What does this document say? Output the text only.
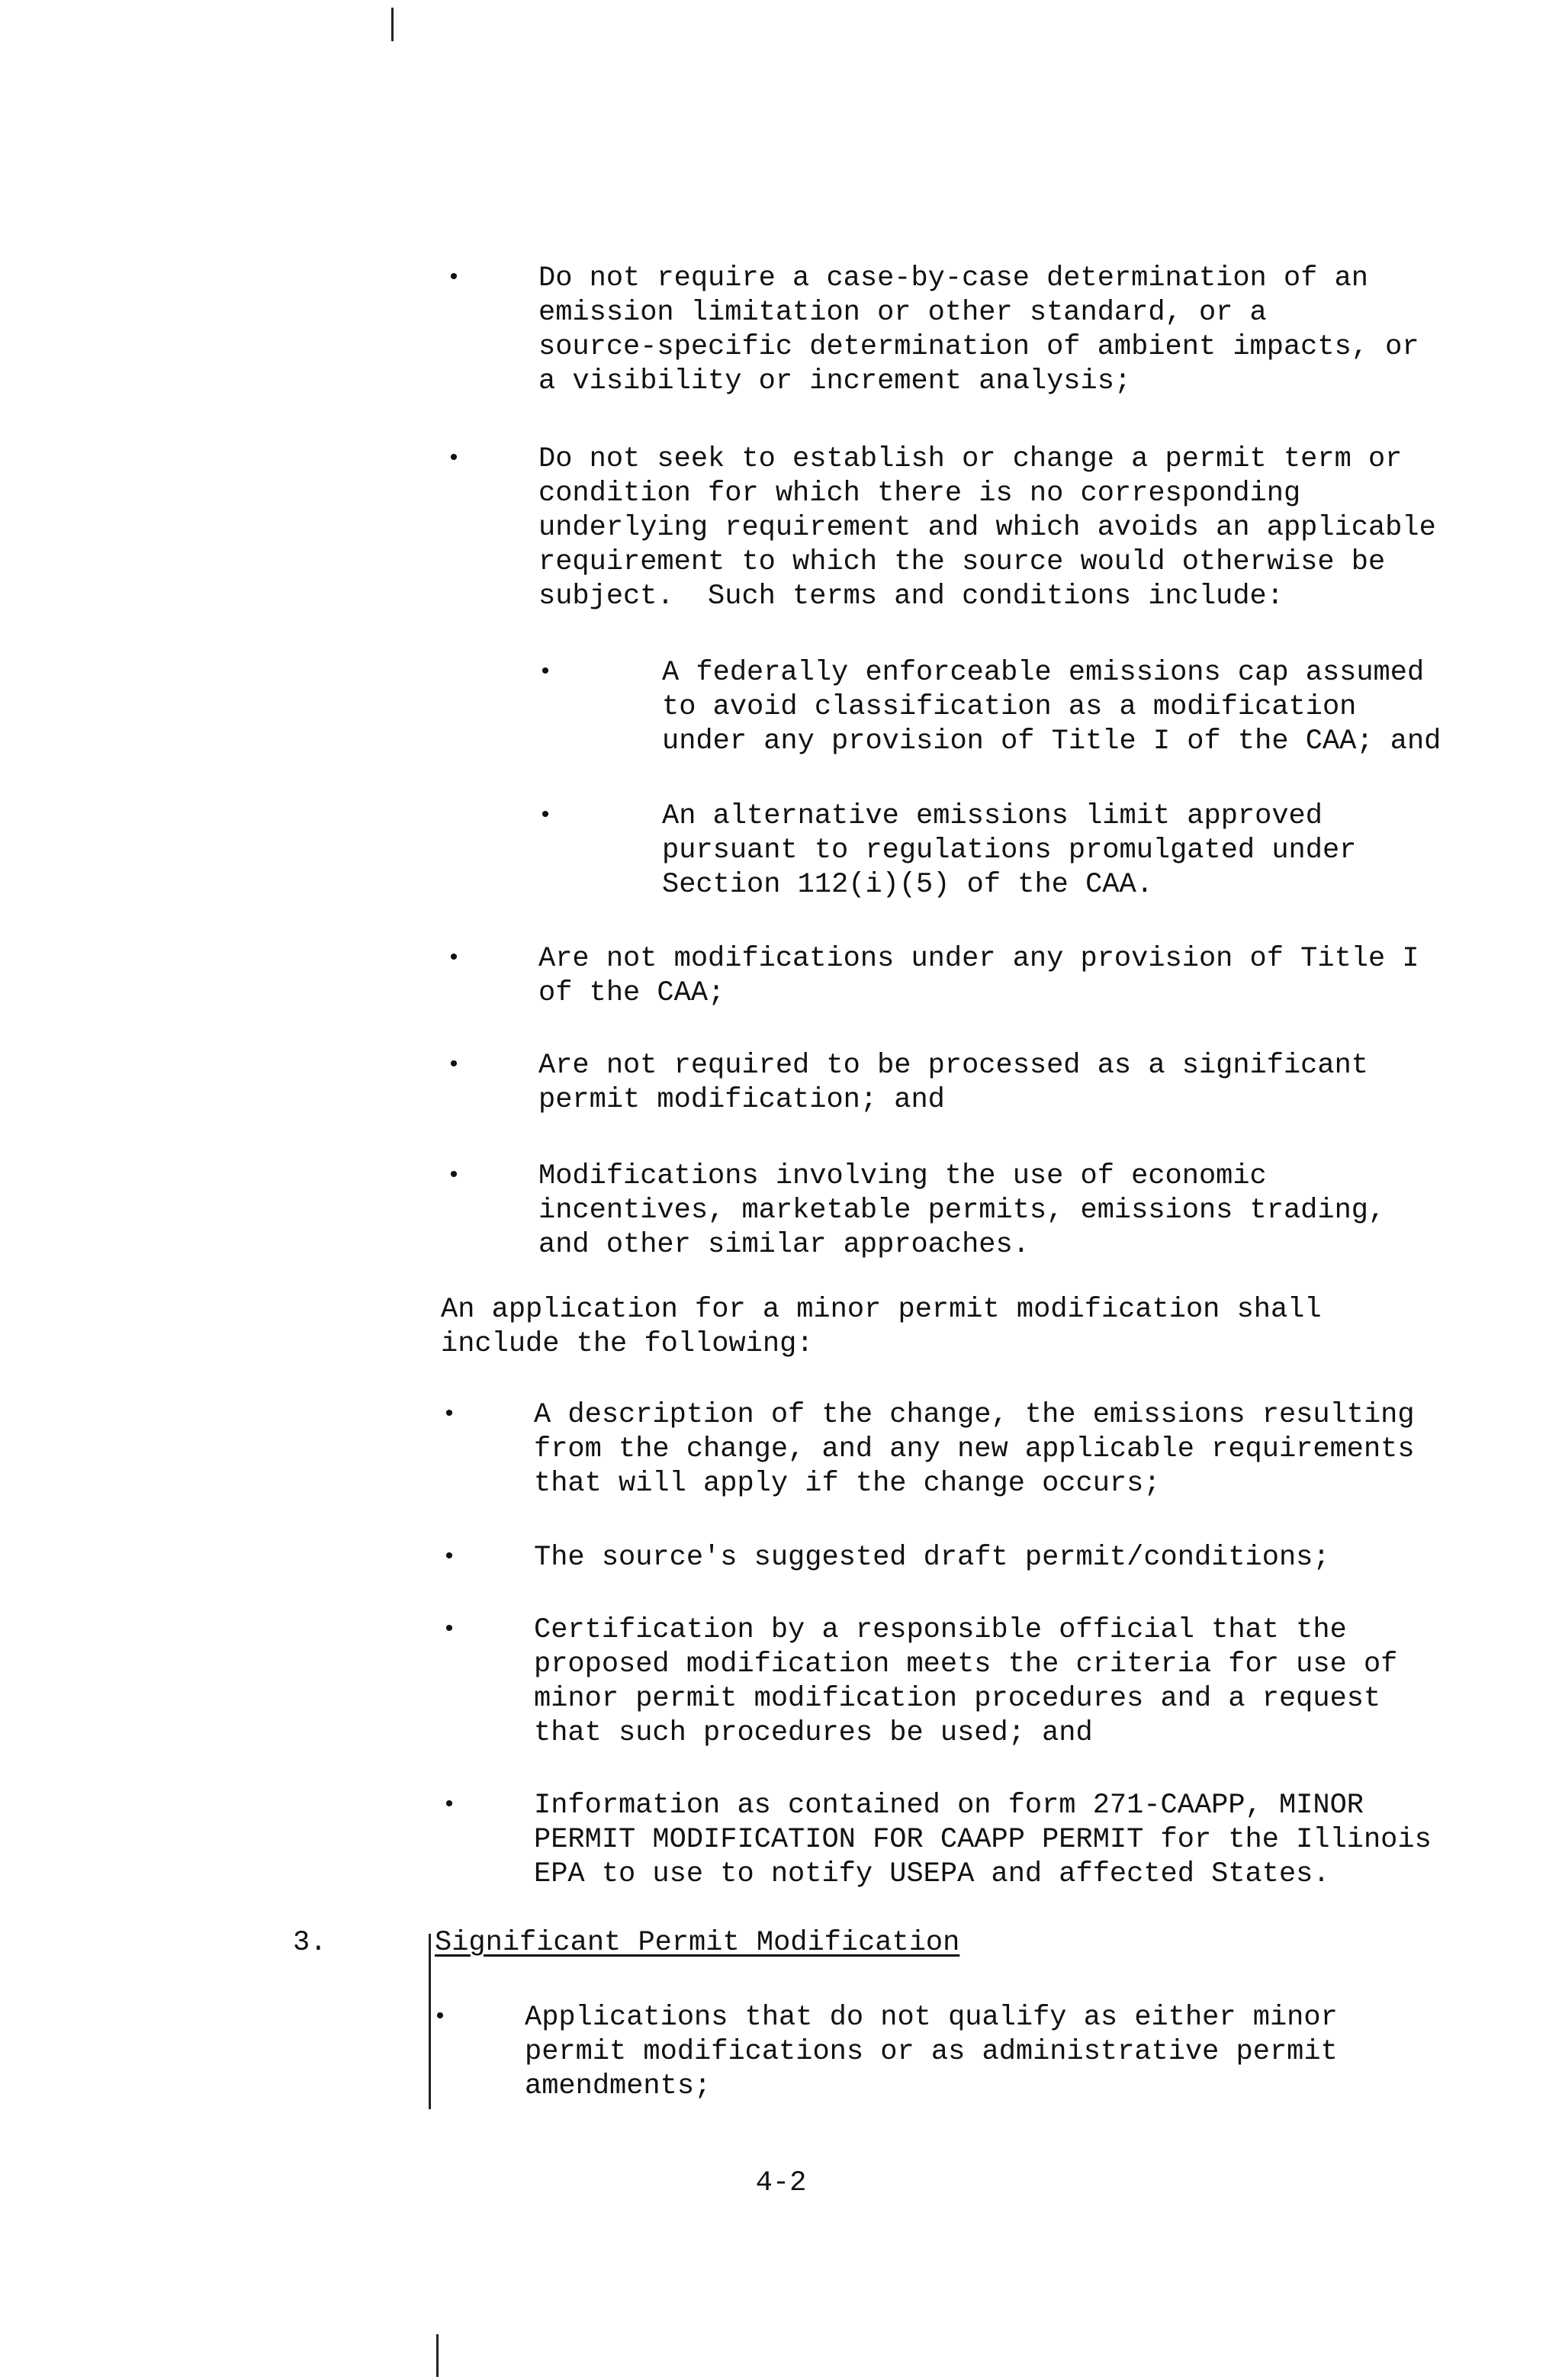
•	Do not require a case-by-case determination of an
emission limitation or other standard, or a
source-specific determination of ambient impacts, or
a visibility or increment analysis;

•	Do not seek to establish or change a permit term or
condition for which there is no corresponding
underlying requirement and which avoids an applicable
requirement to which the source would otherwise be
subject.  Such terms and conditions include:

•	A federally enforceable emissions cap assumed
to avoid classification as a modification
under any provision of Title I of the CAA; and

•	An alternative emissions limit approved
pursuant to regulations promulgated under
Section 112(i)(5) of the CAA.

•	Are not modifications under any provision of Title I
of the CAA;

•	Are not required to be processed as a significant
permit modification; and

•	Modifications involving the use of economic
incentives, marketable permits, emissions trading,
and other similar approaches.

An application for a minor permit modification shall
include the following:

•	A description of the change, the emissions resulting
from the change, and any new applicable requirements
that will apply if the change occurs;

•	The source's suggested draft permit/conditions;

•	Certification by a responsible official that the
proposed modification meets the criteria for use of
minor permit modification procedures and a request
that such procedures be used; and

•	Information as contained on form 271-CAAPP, MINOR
PERMIT MODIFICATION FOR CAAPP PERMIT for the Illinois
EPA to use to notify USEPA and affected States.

3.	Significant Permit Modification
•	Applications that do not qualify as either minor
permit modifications or as administrative permit
amendments;

4-2
